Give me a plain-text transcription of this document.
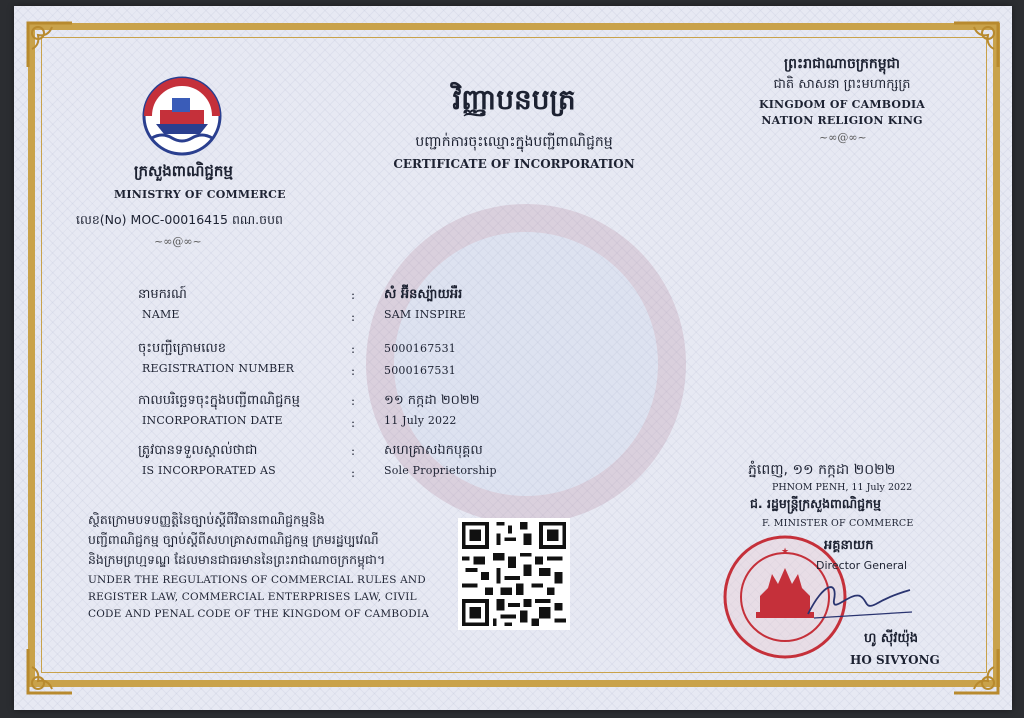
ក្រសួងពាណិជ្ជកម្ម
MINISTRY OF COMMERCE
លេខ(No) MOC-00016415 ពណ.ចបព
~∞@∞~
វិញ្ញាបនបត្រ
បញ្ជាក់ការចុះឈ្មោះក្នុងបញ្ជីពាណិជ្ជកម្ម
CERTIFICATE OF INCORPORATION
ព្រះរាជាណាចក្រកម្ពុជា
ជាតិ សាសនា ព្រះមហាក្សត្រ
KINGDOM OF CAMBODIA
NATION RELIGION KING
~∞@∞~
នាមករណ៍
NAME
:
:
សំ អ៊ីនស្ប៉ាយអឺរ
SAM INSPIRE
ចុះបញ្ជីក្រោមលេខ
REGISTRATION NUMBER
:
:
5000167531
5000167531
កាលបរិច្ឆេទចុះក្នុងបញ្ជីពាណិជ្ជកម្ម
INCORPORATION DATE
:
:
១១ កក្កដា ២០២២
11 July 2022
ត្រូវបានទទួលស្គាល់ថាជា
IS INCORPORATED AS
:
:
សហគ្រាសឯកបុគ្គល
Sole Proprietorship
ស្ថិតក្រោមបទបញ្ញត្តិនៃច្បាប់ស្ដីពីវិធានពាណិជ្ជកម្មនិង
បញ្ជីពាណិជ្ជកម្ម ច្បាប់ស្ដីពីសហគ្រាសពាណិជ្ជកម្ម ក្រមរដ្ឋប្បវេណី
និងក្រមព្រហ្មទណ្ឌ ដែលមានជាធរមាននៃព្រះរាជាណាចក្រកម្ពុជា។
UNDER THE REGULATIONS OF COMMERCIAL RULES AND
REGISTER LAW, COMMERCIAL ENTERPRISES LAW, CIVIL
CODE AND PENAL CODE OF THE KINGDOM OF CAMBODIA
ភ្នំពេញ, ១១ កក្កដា ២០២២
PHNOM PENH, 11 July 2022
ជ. រដ្ឋមន្ត្រីក្រសួងពាណិជ្ជកម្ម
F. MINISTER OF COMMERCE
★	អគ្គនាយក
Director General
ហូ ស៊ីវយ៉ុង
HO SIVYONG
